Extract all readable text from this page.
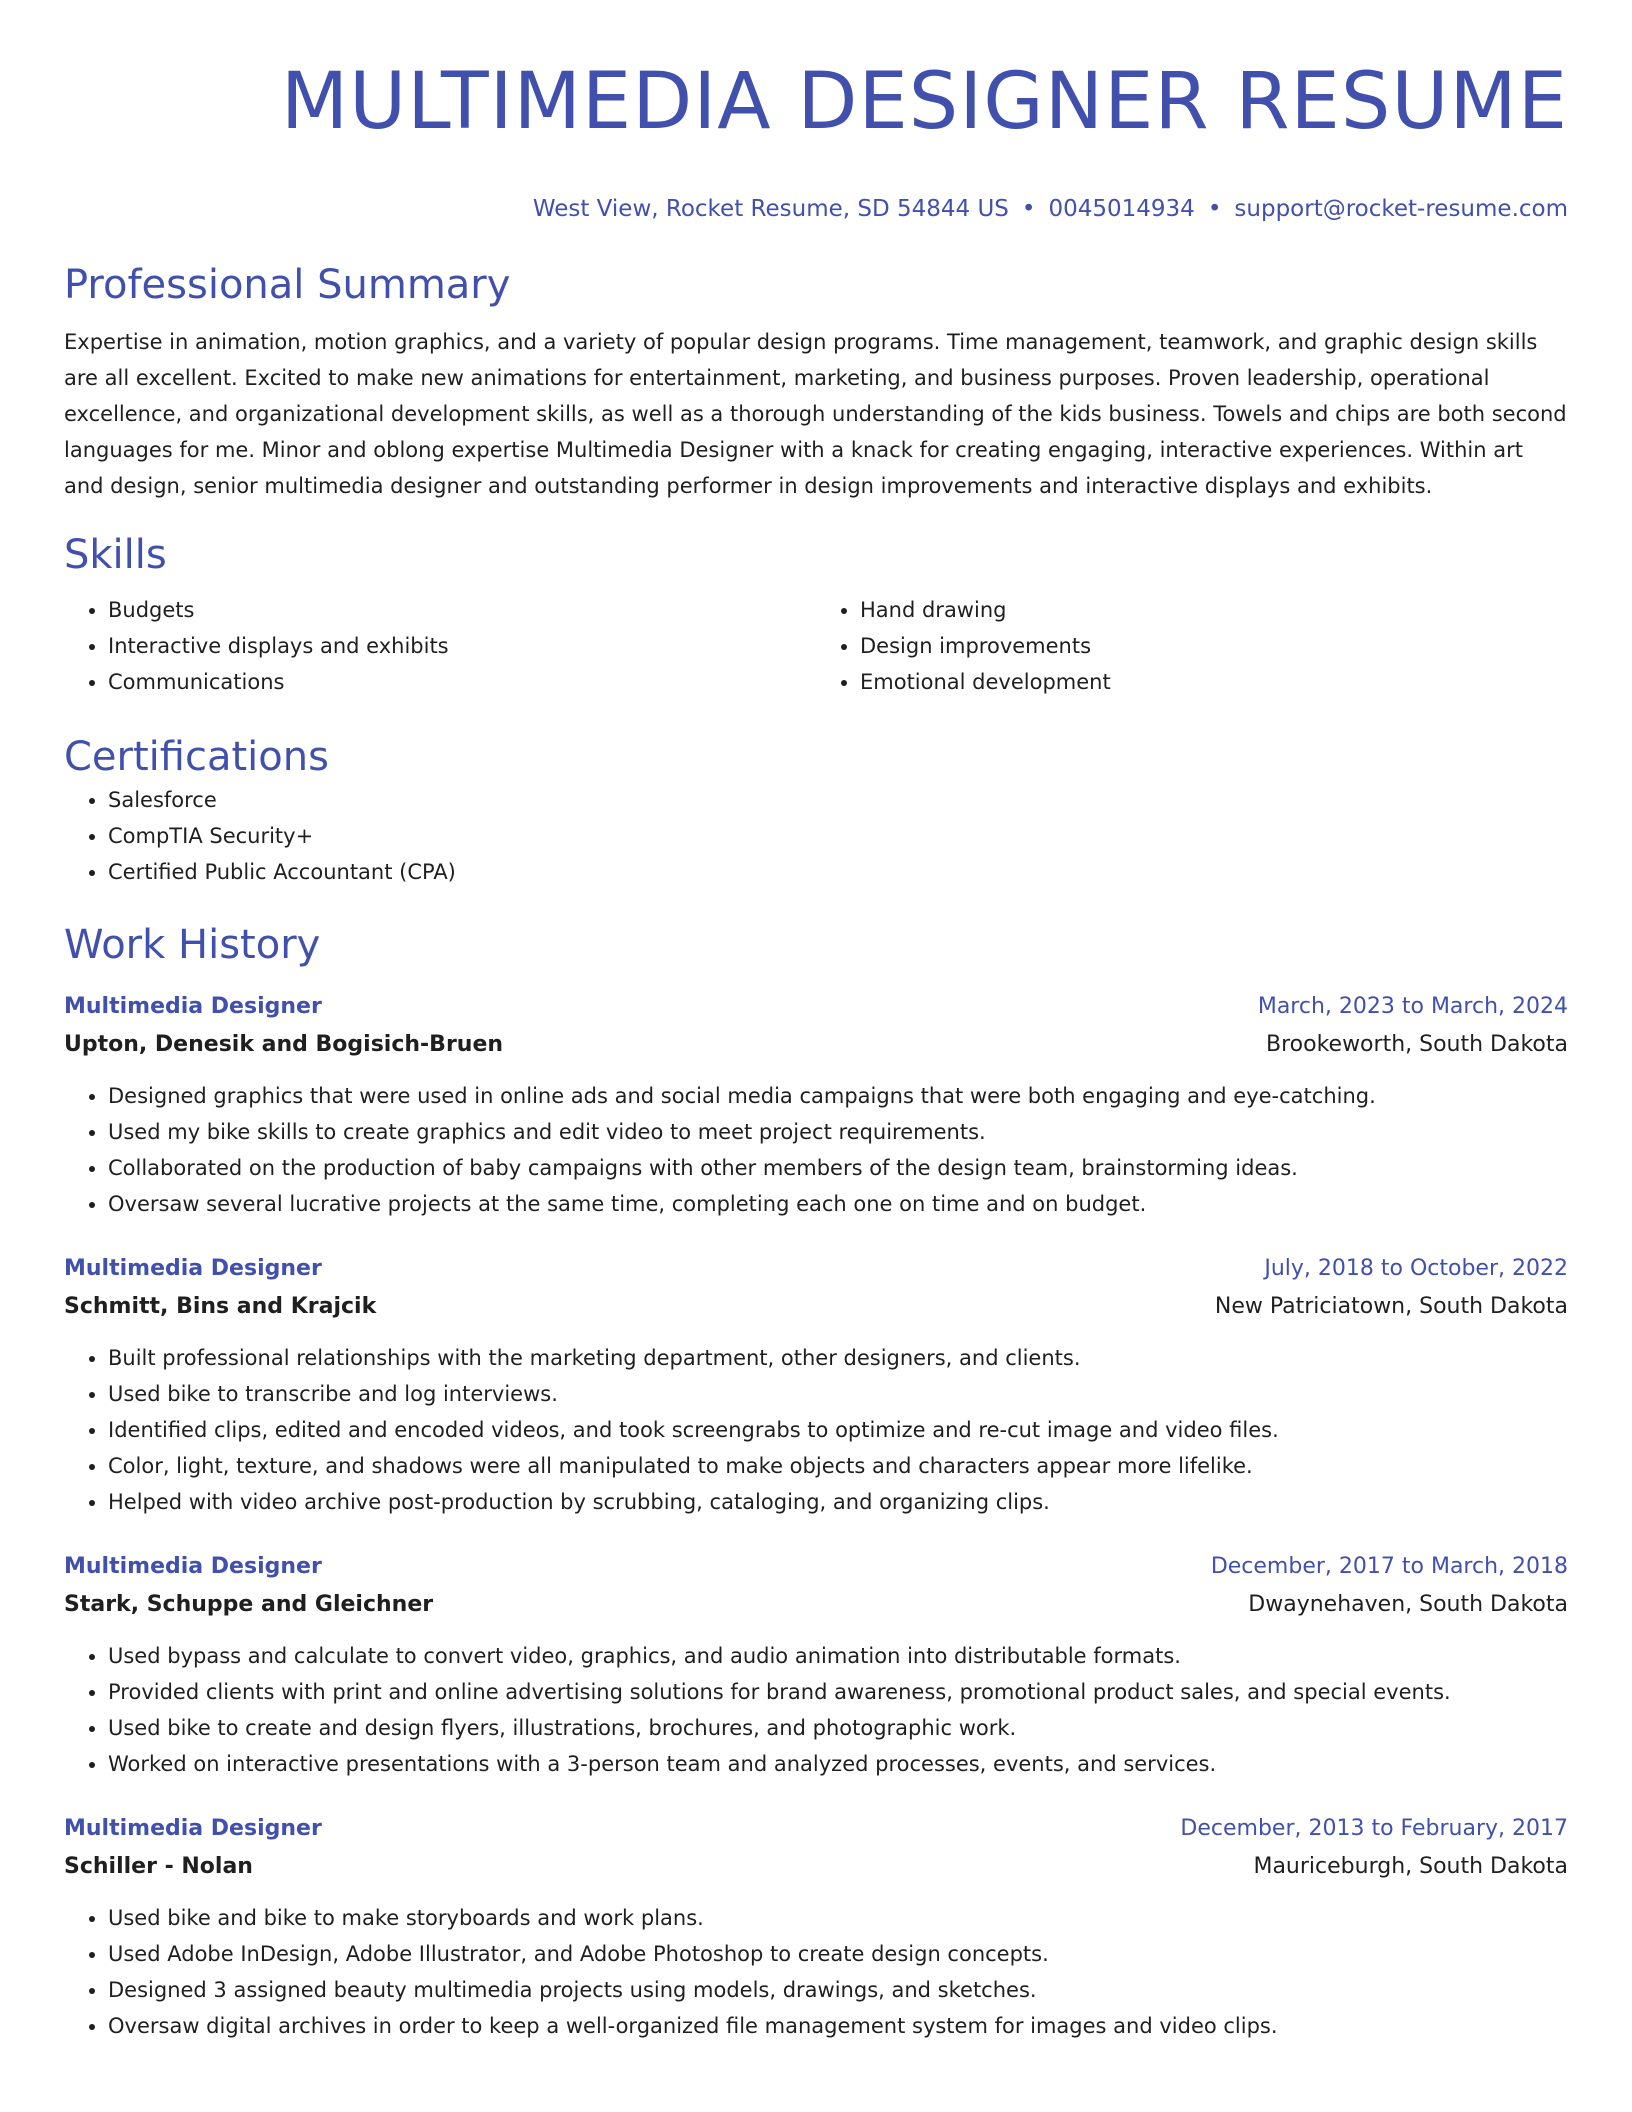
MULTIMEDIA DESIGNER RESUME
West View, Rocket Resume, SD 54844 US • 0045014934 • support@rocket-resume.com
Professional Summary

Expertise in animation, motion graphics, and a variety of popular design programs. Time management, teamwork, and graphic design skills are all excellent. Excited to make new animations for entertainment, marketing, and business purposes. Proven leadership, operational excellence, and organizational development skills, as well as a thorough understanding of the kids business. Towels and chips are both second languages for me. Minor and oblong expertise Multimedia Designer with a knack for creating engaging, interactive experiences. Within art and design, senior multimedia designer and outstanding performer in design improvements and interactive displays and exhibits.

Skills
• Budgets
• Interactive displays and exhibits
• Communications
• Hand drawing
• Design improvements
• Emotional development
Certifications
• Salesforce
• CompTIA Security+
• Certified Public Accountant (CPA)
Work History
Multimedia Designer	March, 2023 to March, 2024
Upton, Denesik and Bogisich-Bruen	Brookeworth, South Dakota
• Designed graphics that were used in online ads and social media campaigns that were both engaging and eye-catching.
• Used my bike skills to create graphics and edit video to meet project requirements.
• Collaborated on the production of baby campaigns with other members of the design team, brainstorming ideas.
• Oversaw several lucrative projects at the same time, completing each one on time and on budget.
Multimedia Designer	July, 2018 to October, 2022
Schmitt, Bins and Krajcik	New Patriciatown, South Dakota
• Built professional relationships with the marketing department, other designers, and clients.
• Used bike to transcribe and log interviews.
• Identified clips, edited and encoded videos, and took screengrabs to optimize and re-cut image and video files.
• Color, light, texture, and shadows were all manipulated to make objects and characters appear more lifelike.
• Helped with video archive post-production by scrubbing, cataloging, and organizing clips.
Multimedia Designer	December, 2017 to March, 2018
Stark, Schuppe and Gleichner	Dwaynehaven, South Dakota
• Used bypass and calculate to convert video, graphics, and audio animation into distributable formats.
• Provided clients with print and online advertising solutions for brand awareness, promotional product sales, and special events.
• Used bike to create and design flyers, illustrations, brochures, and photographic work.
• Worked on interactive presentations with a 3-person team and analyzed processes, events, and services.
Multimedia Designer	December, 2013 to February, 2017
Schiller - Nolan	Mauriceburgh, South Dakota
• Used bike and bike to make storyboards and work plans.
• Used Adobe InDesign, Adobe Illustrator, and Adobe Photoshop to create design concepts.
• Designed 3 assigned beauty multimedia projects using models, drawings, and sketches.
• Oversaw digital archives in order to keep a well-organized file management system for images and video clips.
